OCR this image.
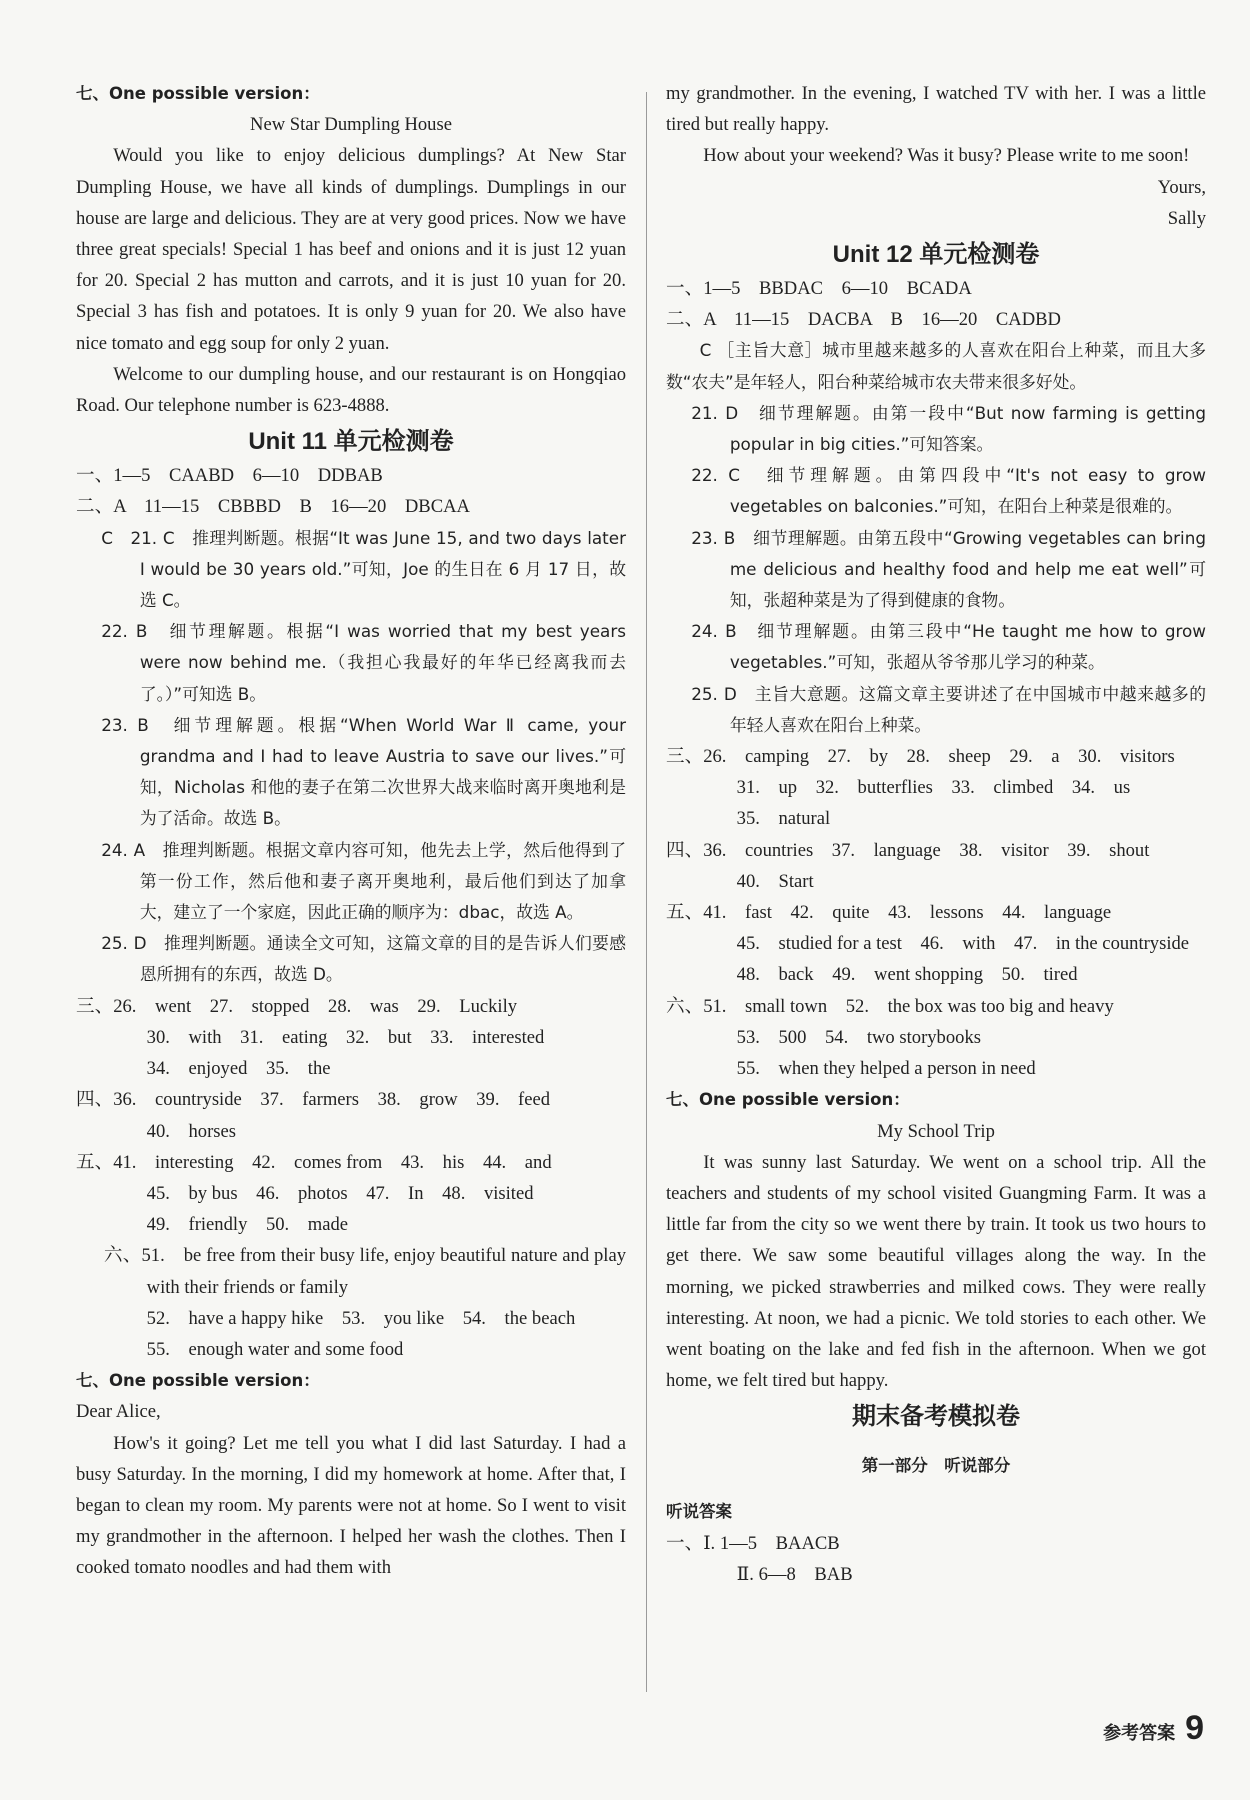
七、One possible version：

New Star Dumpling House

Would you like to enjoy delicious dumplings? At New Star Dumpling House, we have all kinds of dumplings. Dumplings in our house are large and delicious. They are at very good prices. Now we have three great specials! Special 1 has beef and onions and it is just 12 yuan for 20. Special 2 has mutton and carrots, and it is just 10 yuan for 20. Special 3 has fish and potatoes. It is only 9 yuan for 20. We also have nice tomato and egg soup for only 2 yuan.

Welcome to our dumpling house, and our restaurant is on Hongqiao Road. Our telephone number is 623-4888.

Unit 11 单元检测卷

一、1—5　CAABD　6—10　DDBAB

二、A　11—15　CBBBD　B　16—20　DBCAA

C　21. C　推理判断题。根据“It was June 15, and two days later I would be 30 years old.”可知，Joe 的生日在 6 月 17 日，故选 C。

22. B　细节理解题。根据“I was worried that my best years were now behind me.（我担心我最好的年华已经离我而去了。）”可知选 B。

23. B　细节理解题。根据“When World War Ⅱ came, your grandma and I had to leave Austria to save our lives.”可知，Nicholas 和他的妻子在第二次世界大战来临时离开奥地利是为了活命。故选 B。

24. A　推理判断题。根据文章内容可知，他先去上学，然后他得到了第一份工作，然后他和妻子离开奥地利，最后他们到达了加拿大，建立了一个家庭，因此正确的顺序为：dbac，故选 A。

25. D　推理判断题。通读全文可知，这篇文章的目的是告诉人们要感恩所拥有的东西，故选 D。

三、26.　went　27.　stopped　28.　was　29.　Luckily

30.　with　31.　eating　32.　but　33.　interested

34.　enjoyed　35.　the

四、36.　countryside　37.　farmers　38.　grow　39.　feed

40.　horses

五、41.　interesting　42.　comes from　43.　his　44.　and

45.　by bus　46.　photos　47.　In　48.　visited

49.　friendly　50.　made

六、51.　be free from their busy life, enjoy beautiful nature and play with their friends or family

52.　have a happy hike　53.　you like　54.　the beach

55.　enough water and some food

七、One possible version：

Dear Alice,

How's it going? Let me tell you what I did last Saturday. I had a busy Saturday. In the morning, I did my homework at home. After that, I began to clean my room. My parents were not at home. So I went to visit my grandmother in the afternoon. I helped her wash the clothes. Then I cooked tomato noodles and had them with

my grandmother. In the evening, I watched TV with her. I was a little tired but really happy.

How about your weekend? Was it busy? Please write to me soon!

Yours,

Sally

Unit 12 单元检测卷

一、1—5　BBDAC　6—10　BCADA

二、A　11—15　DACBA　B　16—20　CADBD

C ［主旨大意］城市里越来越多的人喜欢在阳台上种菜，而且大多数“农夫”是年轻人，阳台种菜给城市农夫带来很多好处。

21. D　细节理解题。由第一段中“But now farming is getting popular in big cities.”可知答案。

22. C　细节理解题。由第四段中“It's not easy to grow vegetables on balconies.”可知，在阳台上种菜是很难的。

23. B　细节理解题。由第五段中“Growing vegetables can bring me delicious and healthy food and help me eat well”可知，张超种菜是为了得到健康的食物。

24. B　细节理解题。由第三段中“He taught me how to grow vegetables.”可知，张超从爷爷那儿学习的种菜。

25. D　主旨大意题。这篇文章主要讲述了在中国城市中越来越多的年轻人喜欢在阳台上种菜。

三、26.　camping　27.　by　28.　sheep　29.　a　30.　visitors

31.　up　32.　butterflies　33.　climbed　34.　us

35.　natural

四、36.　countries　37.　language　38.　visitor　39.　shout

40.　Start

五、41.　fast　42.　quite　43.　lessons　44.　language

45.　studied for a test　46.　with　47.　in the countryside

48.　back　49.　went shopping　50.　tired

六、51.　small town　52.　the box was too big and heavy

53.　500　54.　two storybooks

55.　when they helped a person in need

七、One possible version：

My School Trip

It was sunny last Saturday. We went on a school trip. All the teachers and students of my school visited Guangming Farm. It was a little far from the city so we went there by train. It took us two hours to get there. We saw some beautiful villages along the way. In the morning, we picked strawberries and milked cows. They were really interesting. At noon, we had a picnic. We told stories to each other. We went boating on the lake and fed fish in the afternoon. When we got home, we felt tired but happy.

期末备考模拟卷

第一部分　听说部分

听说答案

一、Ⅰ. 1—5　BAACB

Ⅱ. 6—8　BAB

参考答案 9
